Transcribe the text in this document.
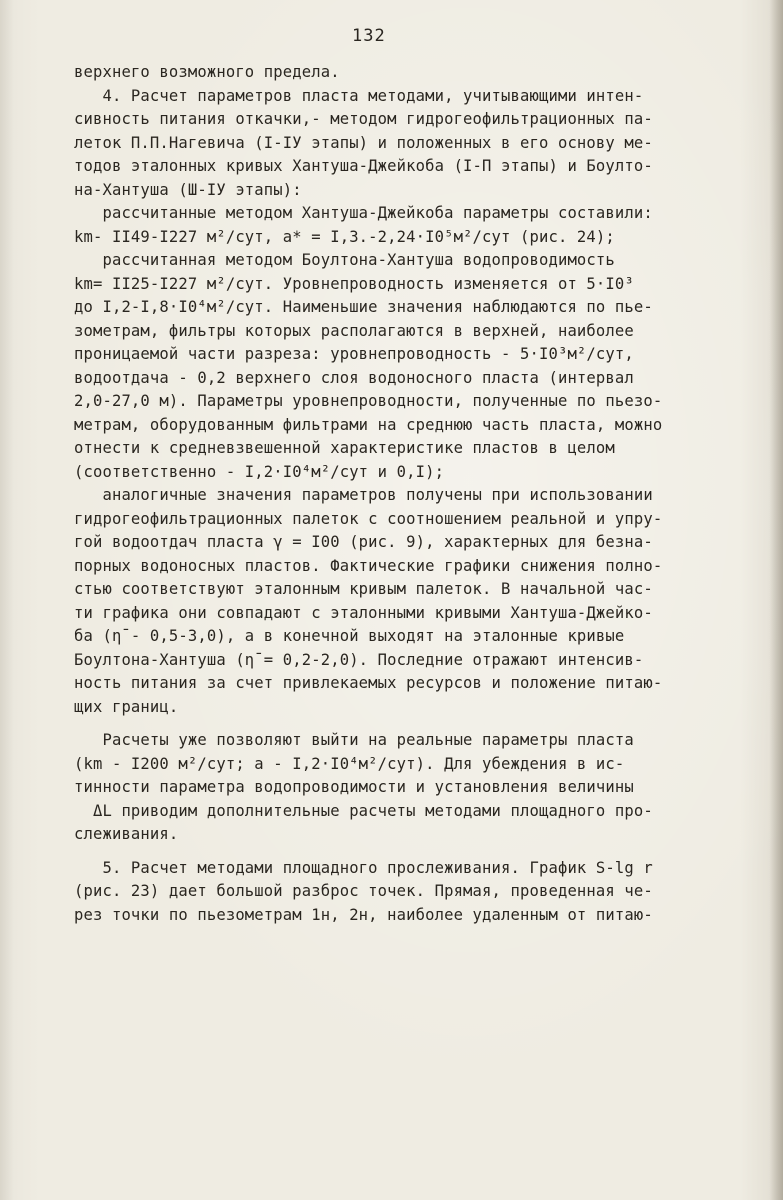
132
верхнего возможного предела.
4. Расчет параметров пласта методами, учитывающими интен-
сивность питания откачки,- методом гидрогеофильтрационных па-
леток П.П.Нагевича (I-IУ этапы) и положенных в его основу ме-
тодов эталонных кривых Хантуша-Джейкоба (I-П этапы) и Боулто-
на-Хантуша (Ш-IУ этапы):
рассчитанные методом Хантуша-Джейкоба параметры составили:
km- II49-I227 м²/сут, a* = I,3.-2,24·I0⁵м²/сут (рис. 24);
рассчитанная методом Боултона-Хантуша водопроводимость
km= II25-I227 м²/сут. Уровнепроводность изменяется от 5·I0³
до I,2-I,8·I0⁴м²/сут. Наименьшие значения наблюдаются по пье-
зометрам, фильтры которых располагаются в верхней, наиболее
проницаемой части разреза: уровнепроводность - 5·I0³м²/сут,
водоотдача - 0,2 верхнего слоя водоносного пласта (интервал
2,0-27,0 м). Параметры уровнепроводности, полученные по пьезо-
метрам, оборудованным фильтрами на среднюю часть пласта, можно
отнести к средневзвешенной характеристике пластов в целом
(соответственно - I,2·I0⁴м²/сут и 0,I);
аналогичные значения параметров получены при использовании
гидрогеофильтрационных палеток с соотношением реальной и упру-
гой водоотдач пласта γ = I00 (рис. 9), характерных для безна-
порных водоносных пластов. Фактические графики снижения полно-
стью соответствуют эталонным кривым палеток. В начальной час-
ти графика они совпадают с эталонными кривыми Хантуша-Джейко-
ба (η̄ - 0,5-3,0), а в конечной выходят на эталонные кривые
Боултона-Хантуша (η̄ = 0,2-2,0). Последние отражают интенсив-
ность питания за счет привлекаемых ресурсов и положение питаю-
щих границ.
Расчеты уже позволяют выйти на реальные параметры пласта
(km - I200 м²/сут; a - I,2·I0⁴м²/сут). Для убеждения в ис-
тинности параметра водопроводимости и установления величины
ΔL приводим дополнительные расчеты методами площадного про-
слеживания.
5. Расчет методами площадного прослеживания. График S-lg r
(рис. 23) дает большой разброс точек. Прямая, проведенная че-
рез точки по пьезометрам 1н, 2н, наиболее удаленным от питаю-
